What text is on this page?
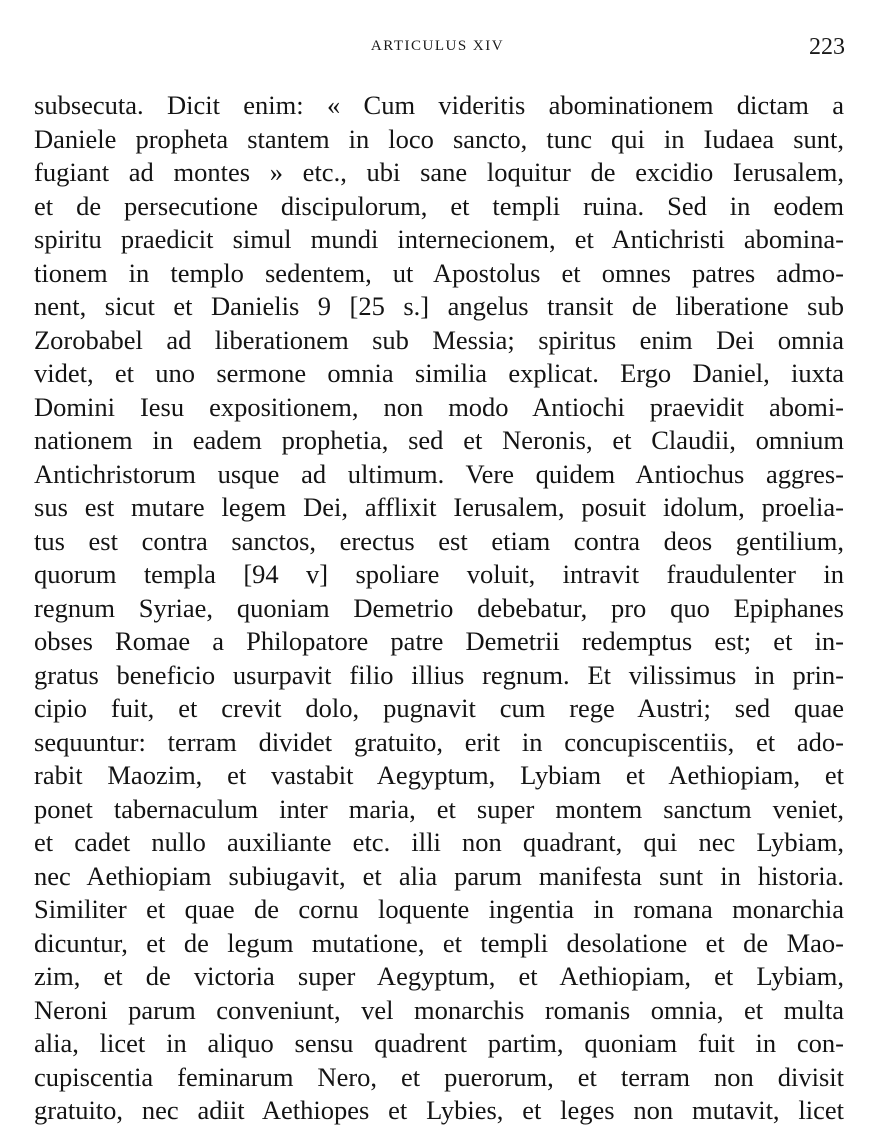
ARTICULUS XIV	223
subsecuta. Dicit enim: « Cum videritis abominationem dictam a
Daniele propheta stantem in loco sancto, tunc qui in Iudaea sunt,
fugiant ad montes » etc., ubi sane loquitur de excidio Ierusalem,
et de persecutione discipulorum, et templi ruina. Sed in eodem
spiritu praedicit simul mundi internecionem, et Antichristi abomina-
tionem in templo sedentem, ut Apostolus et omnes patres admo-
nent, sicut et Danielis 9 [25 s.] angelus transit de liberatione sub
Zorobabel ad liberationem sub Messia; spiritus enim Dei omnia
videt, et uno sermone omnia similia explicat. Ergo Daniel, iuxta
Domini Iesu expositionem, non modo Antiochi praevidit abomi-
nationem in eadem prophetia, sed et Neronis, et Claudii, omnium
Antichristorum usque ad ultimum. Vere quidem Antiochus aggres-
sus est mutare legem Dei, afflixit Ierusalem, posuit idolum, proelia-
tus est contra sanctos, erectus est etiam contra deos gentilium,
quorum templa [94 v] spoliare voluit, intravit fraudulenter in
regnum Syriae, quoniam Demetrio debebatur, pro quo Epiphanes
obses Romae a Philopatore patre Demetrii redemptus est; et in-
gratus beneficio usurpavit filio illius regnum. Et vilissimus in prin-
cipio fuit, et crevit dolo, pugnavit cum rege Austri; sed quae
sequuntur: terram dividet gratuito, erit in concupiscentiis, et ado-
rabit Maozim, et vastabit Aegyptum, Lybiam et Aethiopiam, et
ponet tabernaculum inter maria, et super montem sanctum veniet,
et cadet nullo auxiliante etc. illi non quadrant, qui nec Lybiam,
nec Aethiopiam subiugavit, et alia parum manifesta sunt in historia.
Similiter et quae de cornu loquente ingentia in romana monarchia
dicuntur, et de legum mutatione, et templi desolatione et de Mao-
zim, et de victoria super Aegyptum, et Aethiopiam, et Lybiam,
Neroni parum conveniunt, vel monarchis romanis omnia, et multa
alia, licet in aliquo sensu quadrent partim, quoniam fuit in con-
cupiscentia feminarum Nero, et puerorum, et terram non divisit
gratuito, nec adiit Aethiopes et Lybies, et leges non mutavit, licet
